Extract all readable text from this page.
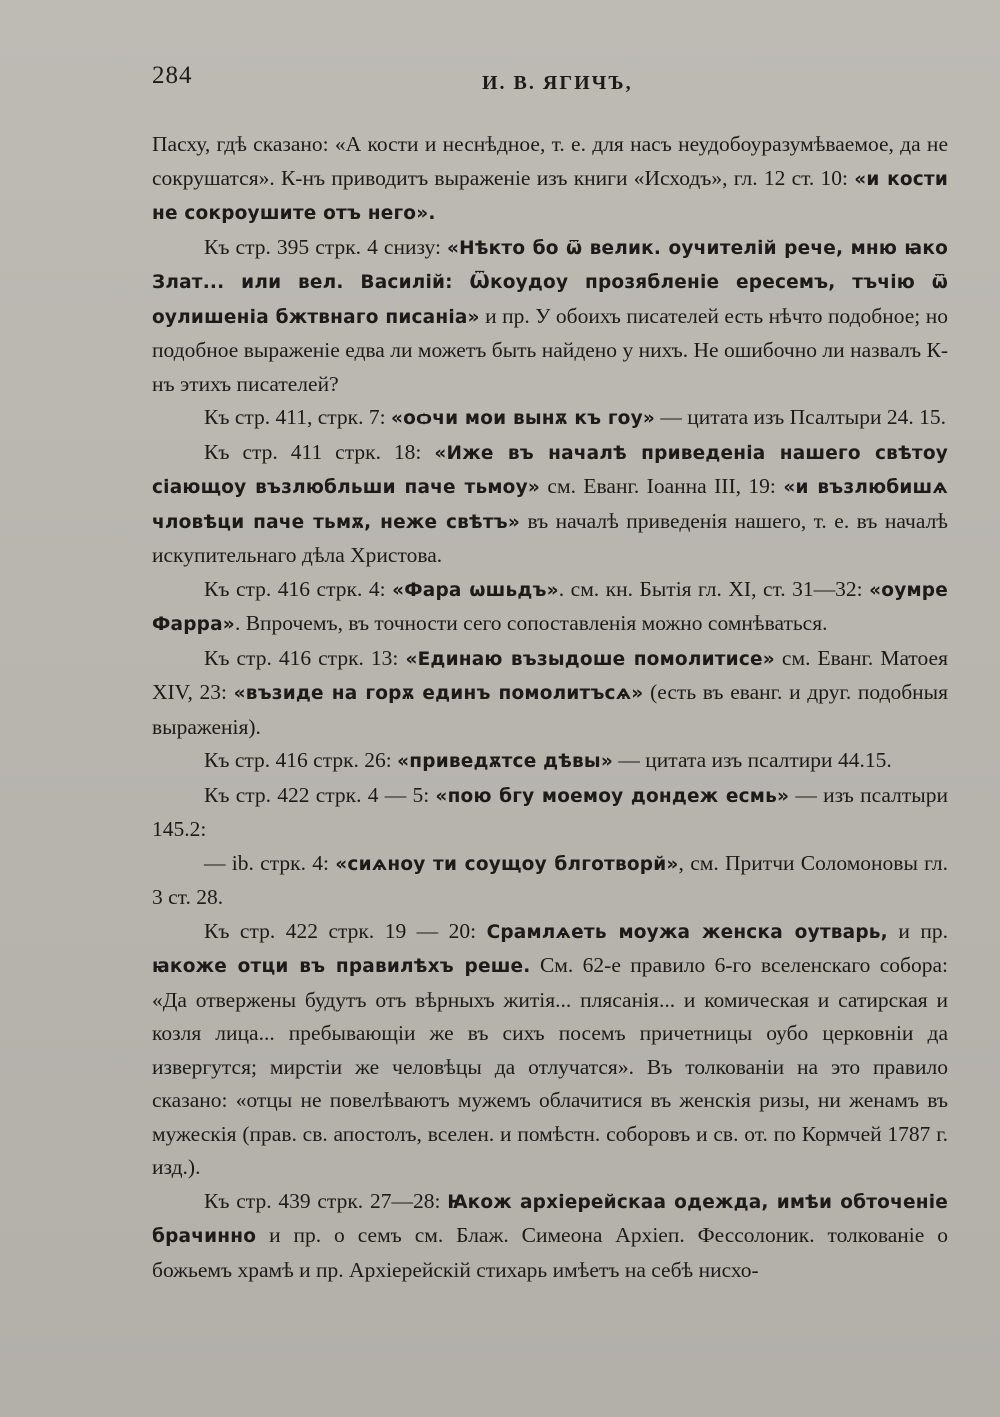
284	И. В. ЯГИЧЪ,

Пасху, гдѣ сказано: «А кости и неснѣдное, т. е. для насъ неудобоуразумѣваемое, да не сокрушатся». К-нъ приводитъ выраженіе изъ книги «Исходъ», гл. 12 ст. 10: «и кости не сокроушите отъ него».

Къ стр. 395 стрк. 4 снизу: «Нѣкто бо ѿ велик. оучителій рече, мню ꙗко Злат... или вел. Василій: Ѿкоудоу прозябленіе ересемъ, тъчію ѿ оулишеніа бжтвнаго писаніа» и пр. У обоихъ писателей есть нѣчто подобное; но подобное выраженіе едва ли можетъ быть найдено у нихъ. Не ошибочно ли назвалъ К-нъ этихъ писателей?

Къ стр. 411, стрк. 7: «оѻчи мои вынѫ къ гоу» — цитата изъ Псалтыри 24. 15.

Къ стр. 411 стрк. 18: «Иже въ началѣ приведеніа нашего свѣтоу сіающоу възлюбльши паче тьмоу» см. Еванг. Іоанна III, 19: «и възлюбишѧ чловѣци паче тьмѫ, неже свѣтъ» въ началѣ приведенія нашего, т. е. въ началѣ искупительнаго дѣла Христова.

Къ стр. 416 стрк. 4: «Фара ѡшьдъ». см. кн. Бытія гл. XI, ст. 31—32: «оумре Фарра». Впрочемъ, въ точности сего сопоставленія можно сомнѣваться.

Къ стр. 416 стрк. 13: «Единаю възыдоше помолитисе» см. Еванг. Матоея XIV, 23: «възиде на горѫ единъ помолитъсѧ» (есть въ еванг. и друг. подобныя выраженія).

Къ стр. 416 стрк. 26: «приведѫтсе дѣвы» — цитата изъ псалтири 44.15.

Къ стр. 422 стрк. 4 — 5: «пою бгу моемоу дондеж есмь» — изъ псалтыри 145.2:

— ib. стрк. 4: «сиѧноу ти соущоу блготворй», см. Притчи Соломоновы гл. 3 ст. 28.

Къ стр. 422 стрк. 19 — 20: Срамлѧеть моужа женска оутварь, и пр. ꙗкоже отци въ правилѣхъ реше. См. 62-е правило 6-го вселенскаго собора: «Да отвержены будутъ отъ вѣрныхъ житія... плясанія... и комическая и сатирская и козля лица... пребывающіи же въ сихъ посемъ причетницы оубо церковніи да извергутся; мирстіи же человѣцы да отлучатся». Въ толкованіи на это правило сказано: «отцы не повелѣваютъ мужемъ облачитися въ женскія ризы, ни женамъ въ мужескія (прав. св. апостолъ, вселен. и помѣстн. соборовъ и св. от. по Кормчей 1787 г. изд.).

Къ стр. 439 стрк. 27—28: Ꙗкож архіерейскаа одежда, имѣи обточеніе брачинно и пр. о семъ см. Блаж. Симеона Архіеп. Фессолоник. толкованіе о божьемъ храмѣ и пр. Архіерейскій стихарь имѣетъ на себѣ нисхо-
